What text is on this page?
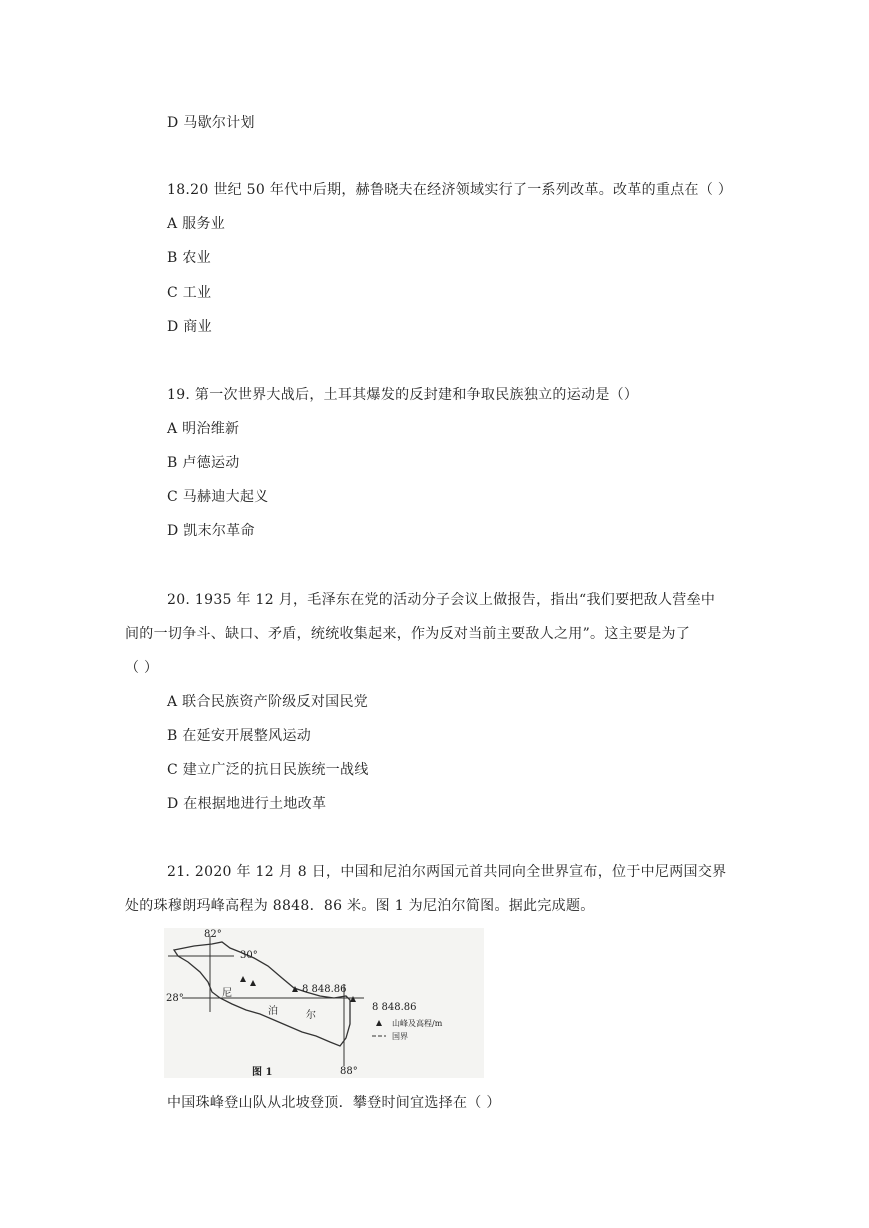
D 马歇尔计划
18.20 世纪 50 年代中后期，赫鲁晓夫在经济领域实行了一系列改革。改革的重点在（ ）
A 服务业
B 农业
C 工业
D 商业
19. 第一次世界大战后，土耳其爆发的反封建和争取民族独立的运动是（）
A 明治维新
B 卢德运动
C 马赫迪大起义
D 凯末尔革命
20. 1935 年 12 月，毛泽东在党的活动分子会议上做报告，指出“我们要把敌人营垒中
间的一切争斗、缺口、矛盾，统统收集起来，作为反对当前主要敌人之用”。这主要是为了
（ ）
A 联合民族资产阶级反对国民党
B 在延安开展整风运动
C 建立广泛的抗日民族统一战线
D 在根据地进行土地改革
21. 2020 年 12 月 8 日，中国和尼泊尔两国元首共同向全世界宣布，位于中尼两国交界
处的珠穆朗玛峰高程为 8848．86 米。图 1 为尼泊尔简图。据此完成题。
82°
30°
28°
88°
8 848.86
尼
泊	尔
8 848.86
山峰及高程/m
国界
图 1
中国珠峰登山队从北坡登顶．攀登时间宜选择在（ ）
